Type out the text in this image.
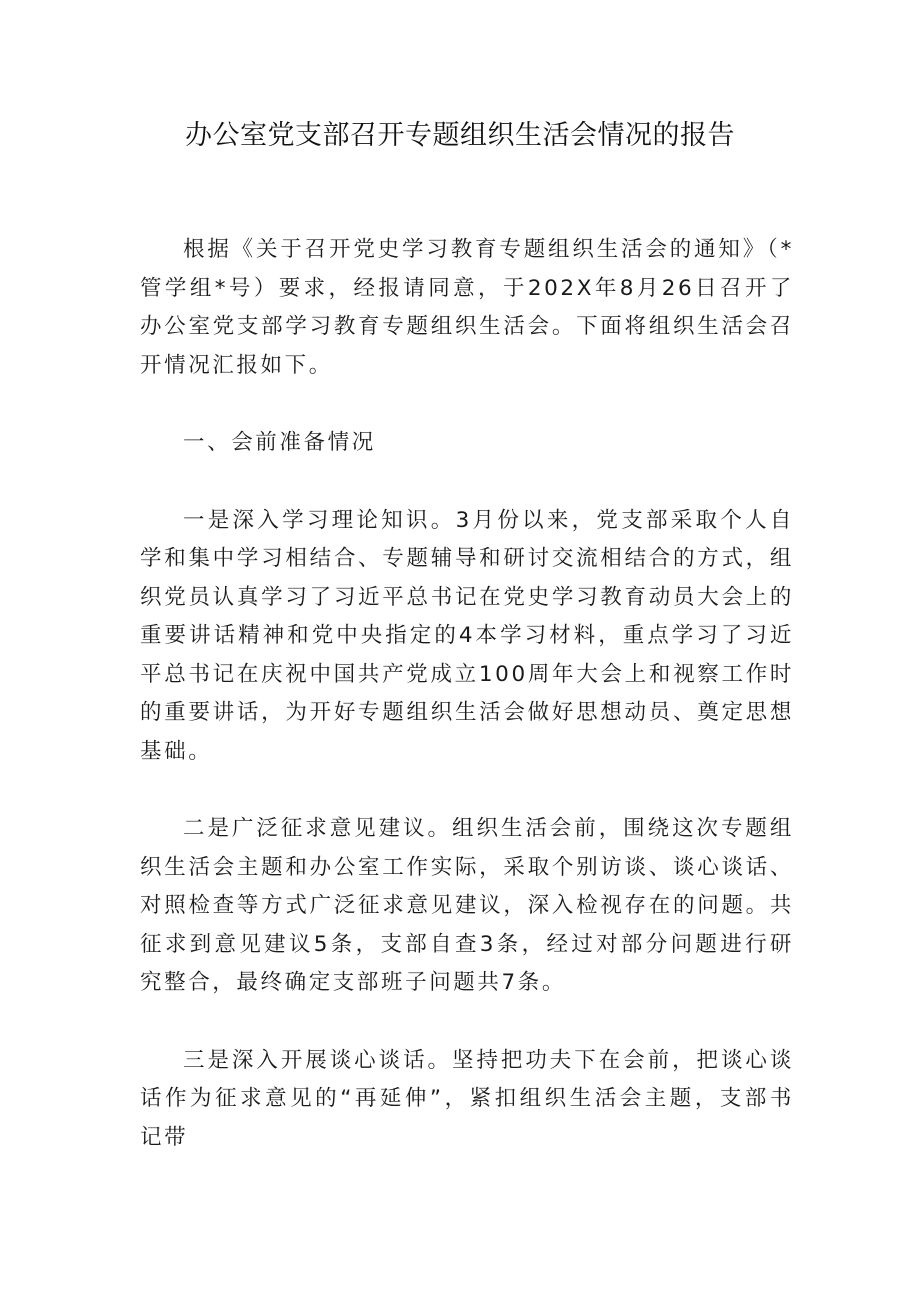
办公室党支部召开专题组织生活会情况的报告

根据《关于召开党史学习教育专题组织生活会的通知》（*管学组*号）要求，经报请同意，于202X年8月26日召开了办公室党支部学习教育专题组织生活会。下面将组织生活会召开情况汇报如下。

一、会前准备情况

一是深入学习理论知识。3月份以来，党支部采取个人自学和集中学习相结合、专题辅导和研讨交流相结合的方式，组织党员认真学习了习近平总书记在党史学习教育动员大会上的重要讲话精神和党中央指定的4本学习材料，重点学习了习近平总书记在庆祝中国共产党成立100周年大会上和视察工作时的重要讲话，为开好专题组织生活会做好思想动员、奠定思想基础。

二是广泛征求意见建议。组织生活会前，围绕这次专题组织生活会主题和办公室工作实际，采取个别访谈、谈心谈话、对照检查等方式广泛征求意见建议，深入检视存在的问题。共征求到意见建议5条，支部自查3条，经过对部分问题进行研究整合，最终确定支部班子问题共7条。

三是深入开展谈心谈话。坚持把功夫下在会前，把谈心谈话作为征求意见的“再延伸”，紧扣组织生活会主题，支部书记带
